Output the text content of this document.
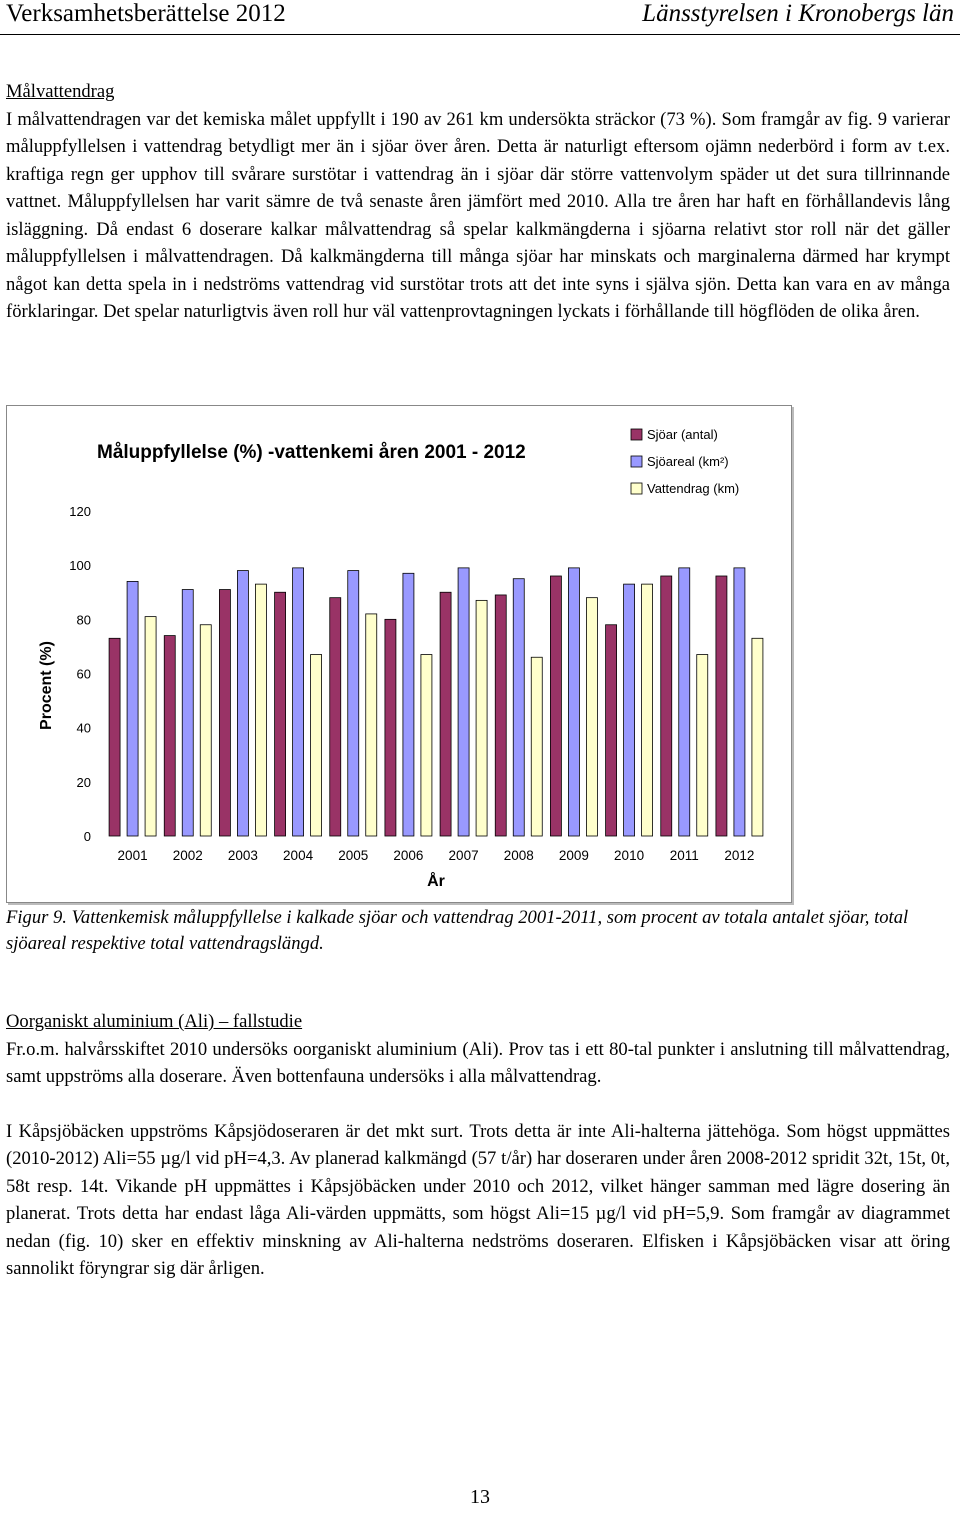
Verksamhetsberättelse 2012	Länsstyrelsen i Kronobergs län
Målvattendrag

I målvattendragen var det kemiska målet uppfyllt i 190 av 261 km undersökta sträckor (73 %). Som framgår av fig. 9 varierar måluppfyllelsen i vattendrag betydligt mer än i sjöar över åren. Detta är naturligt eftersom ojämn nederbörd i form av t.ex. kraftiga regn ger upphov till svårare surstötar i vattendrag än i sjöar där större vattenvolym späder ut det sura tillrinnande vattnet. Måluppfyllelsen har varit sämre de två senaste åren jämfört med 2010. Alla tre åren har haft en förhållandevis lång isläggning. Då endast 6 doserare kalkar målvattendrag så spelar kalkmängderna i sjöarna relativt stor roll när det gäller måluppfyllelsen i målvattendragen. Då kalkmängderna till många sjöar har minskats och marginalerna därmed har krympt något kan detta spela in i nedströms vattendrag vid surstötar trots att det inte syns i själva sjön. Detta kan vara en av många förklaringar. Det spelar naturligtvis även roll hur väl vattenprovtagningen lyckats i förhållande till högflöden de olika åren.

Måluppfyllelse (%) -vattenkemi åren 2001 - 2012
0
20
40
60
80
100
120
Procent (%)
2001 2002 2003 2004 2005 2006 2007 2008 2009 2010 2011 2012
År
Sjöar (antal)
Sjöareal (km²)
Vattendrag (km)
Figur 9. Vattenkemisk måluppfyllelse i kalkade sjöar och vattendrag 2001-2011, som procent av totala antalet sjöar, total sjöareal respektive total vattendragslängd.
Oorganiskt aluminium (Ali) – fallstudie

Fr.o.m. halvårsskiftet 2010 undersöks oorganiskt aluminium (Ali). Prov tas i ett 80-tal punkter i anslutning till målvattendrag, samt uppströms alla doserare. Även bottenfauna undersöks i alla målvattendrag.

I Kåpsjöbäcken uppströms Kåpsjödoseraren är det mkt surt. Trots detta är inte Ali-halterna jättehöga. Som högst uppmättes (2010-2012) Ali=55 µg/l vid pH=4,3. Av planerad kalkmängd (57 t/år) har doseraren under åren 2008-2012 spridit 32t, 15t, 0t, 58t resp. 14t. Vikande pH uppmättes i Kåpsjöbäcken under 2010 och 2012, vilket hänger samman med lägre dosering än planerat. Trots detta har endast låga Ali-värden uppmätts, som högst Ali=15 µg/l vid pH=5,9. Som framgår av diagrammet nedan (fig. 10) sker en effektiv minskning av Ali-halterna nedströms doseraren. Elfisken i Kåpsjöbäcken visar att öring sannolikt föryngrar sig där årligen.

13
